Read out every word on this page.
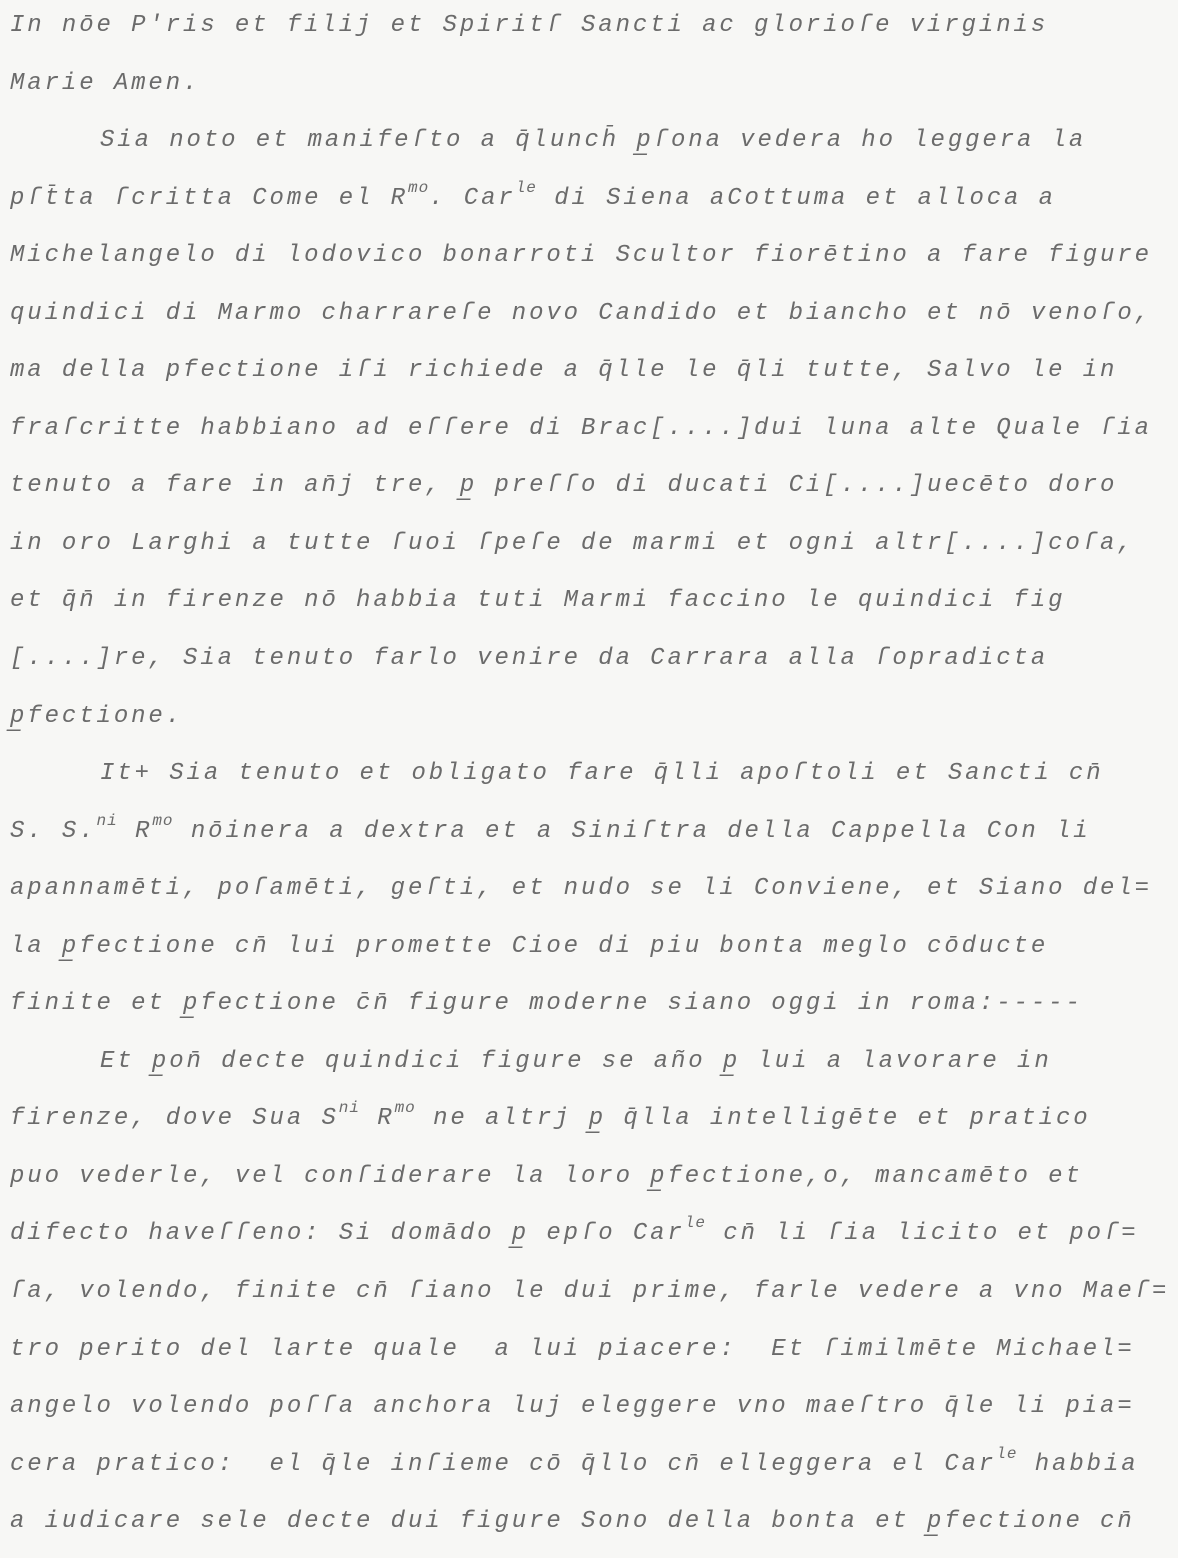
In nōe P'ris et filij et Spiritſ Sancti ac glorioſe virginis
Marie Amen.
Sia noto et manifeſto a q̄lunch̄ p̲ſona vedera ho leggera la
pſt̄ta ſcritta Come el $R^{mo}$. Car$^{le}$ di Siena aCottuma et alloca a
Michelangelo di lodovico bonarroti Scultor fiorētino a fare figure
quindici di Marmo charrareſe novo Candido et biancho et nō venoſo,
ma della pfectione iſi richiede a q̄lle le q̄li tutte, Salvo le in
fraſcritte habbiano ad eſſere di Brac[....]dui luna alte Quale ſia
tenuto a fare in an̄j tre, p̲ preſſo di ducati Ci[....]uecēto doro
in oro Larghi a tutte ſuoi ſpeſe de marmi et ogni altr[....]coſa,
et q̄n̄ in firenze nō habbia tuti Marmi faccino le quindici fig
[....]re, Sia tenuto farlo venire da Carrara alla ſopradicta
p̲fectione.
It+ Sia tenuto et obligato fare q̄lli apoſtoli et Sancti cn̄
S. S.$^{ni}$ $R^{mo}$ nōinera a dextra et a Siniſtra della Cappella Con li
apannamēti, poſamēti, geſti, et nudo se li Conviene, et Siano del=
la p̲fectione cn̄ lui promette Cioe di piu bonta meglo cōducte
finite et p̲fectione c̄n̄ figure moderne siano oggi in roma:-----
Et p̲on̄ decte quindici figure se año p̲ lui a lavorare in
firenze, dove Sua $S^{ni}$ $R^{mo}$ ne altrj p̲ q̄lla intelligēte et pratico
puo vederle, vel conſiderare la loro p̲fectione,o, mancamēto et
difecto haveſſeno: Si domādo p̲ epſo Car$^{le}$ cn̄ li ſia licito et poſ=
ſa, volendo, finite cn̄ ſiano le dui prime, farle vedere a vno Maeſ=
tro perito del larte quale  a lui piacere:  Et ſimilmēte Michael=
angelo volendo poſſa anchora luj eleggere vno maeſtro q̄le li pia=
cera pratico:  el q̄le inſieme cō q̄llo cn̄ elleggera el Car$^{le}$ habbia
a iudicare sele decte dui figure Sono della bonta et p̲fectione cn̄
